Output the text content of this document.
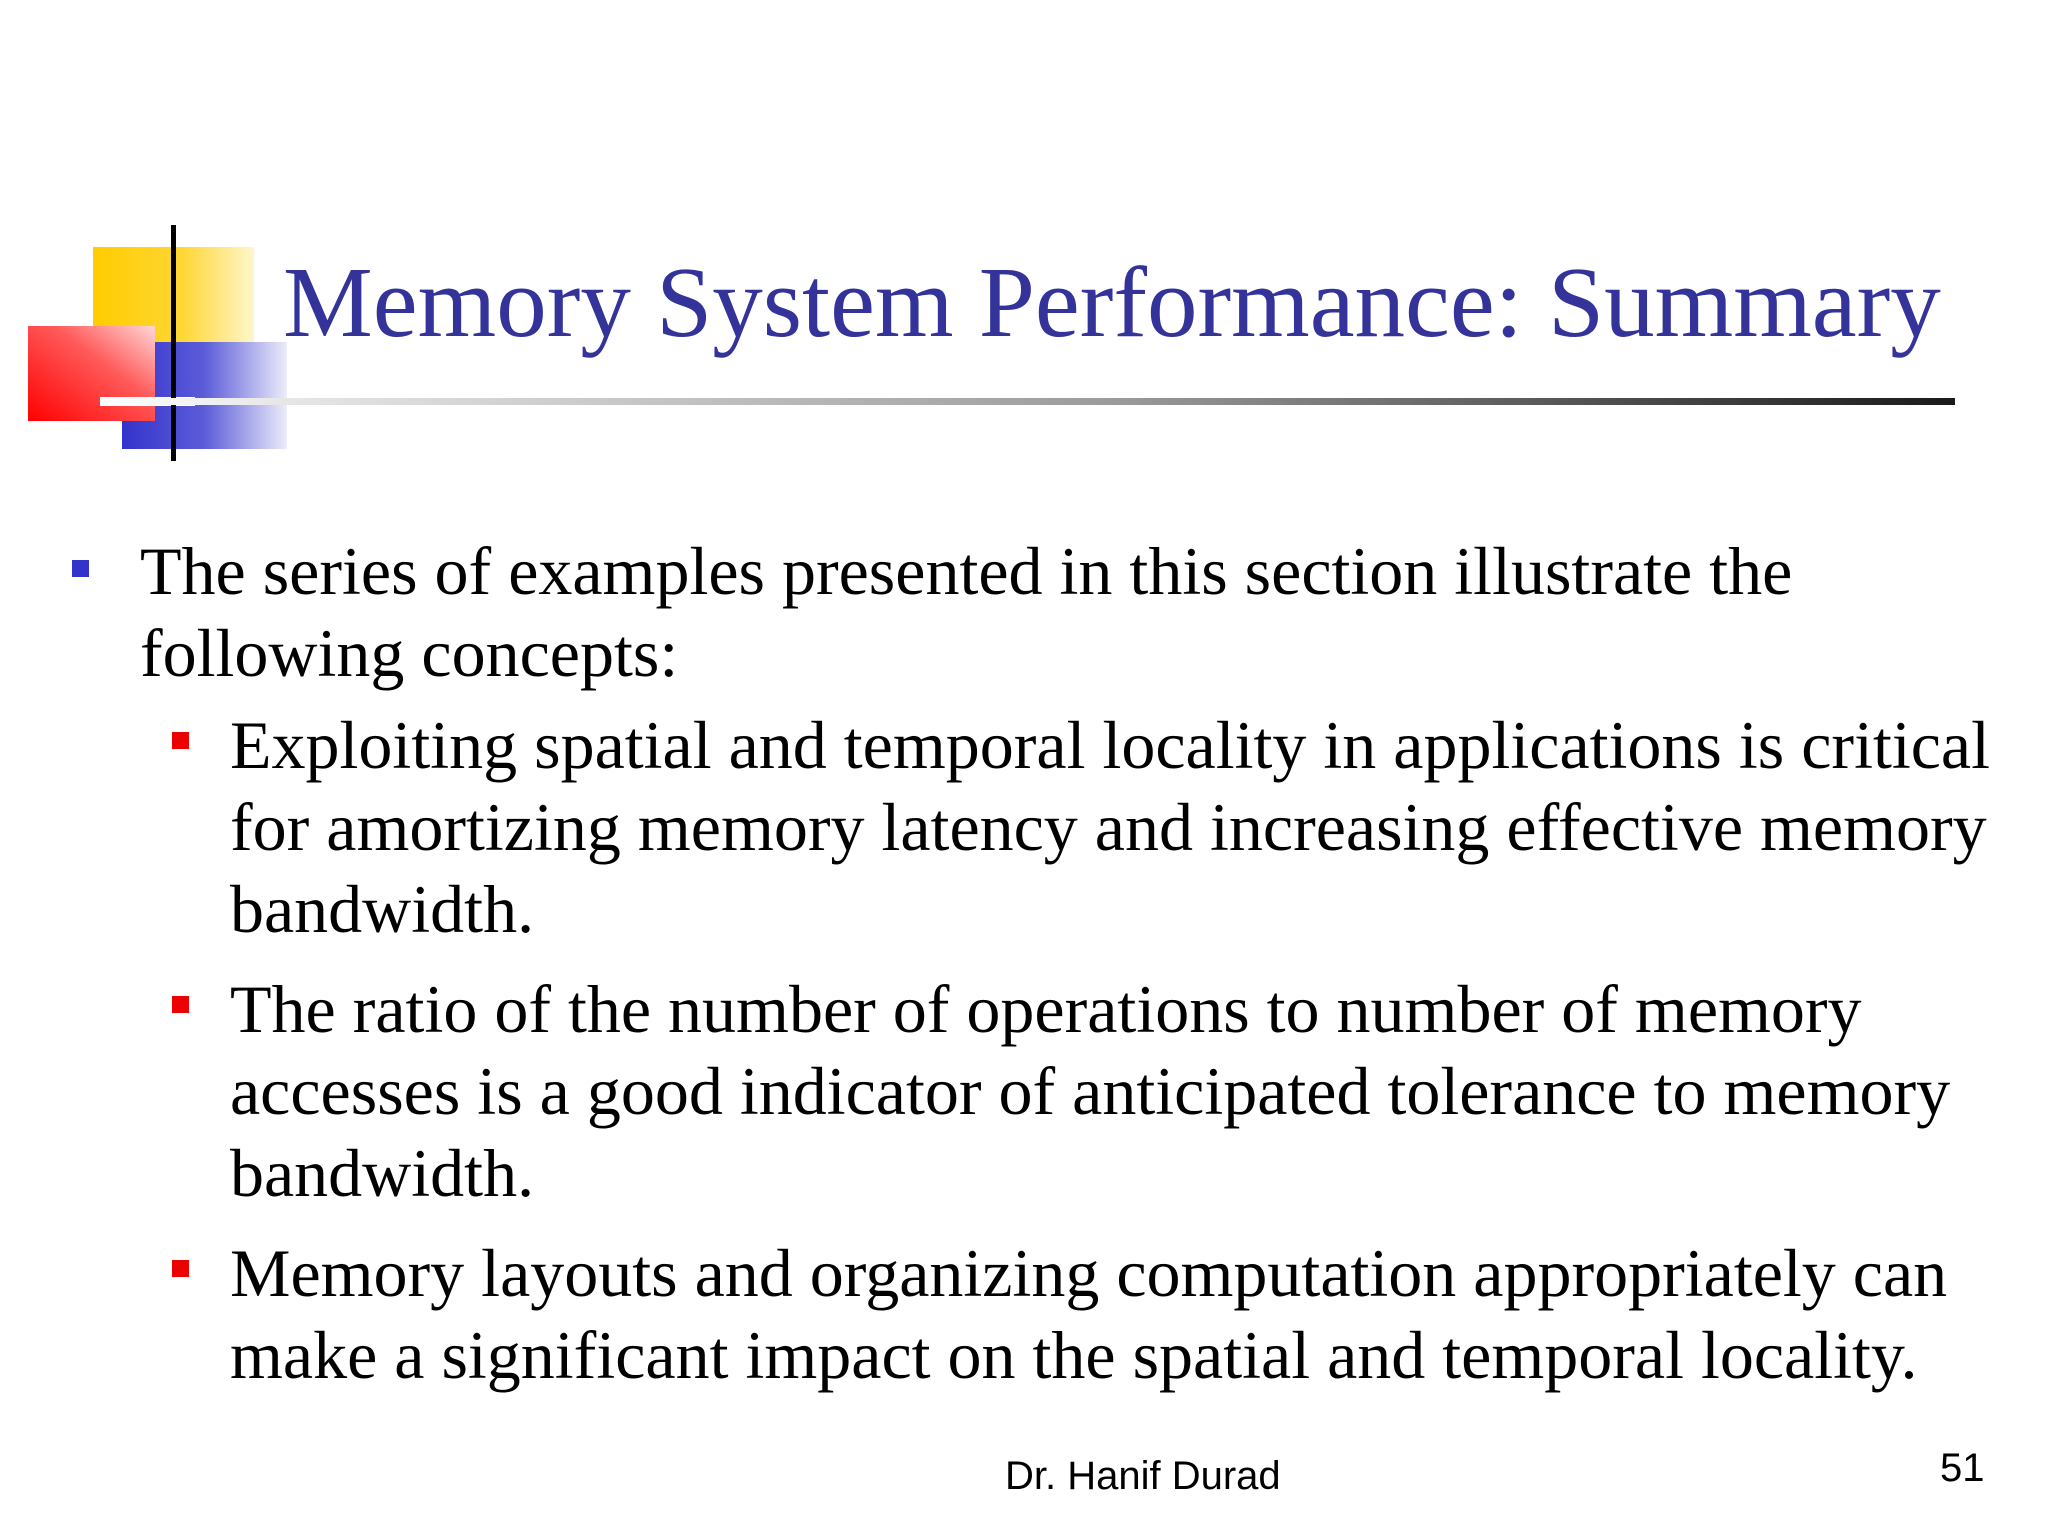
Memory System Performance: Summary
The series of examples presented in this section illustrate the following concepts:
Exploiting spatial and temporal locality in applications is critical for amortizing memory latency and increasing effective memory bandwidth.
The ratio of the number of operations to number of memory accesses is a good indicator of anticipated tolerance to memory bandwidth.
Memory layouts and organizing computation appropriately can make a significant impact on the spatial and temporal locality.
Dr. Hanif Durad	51
